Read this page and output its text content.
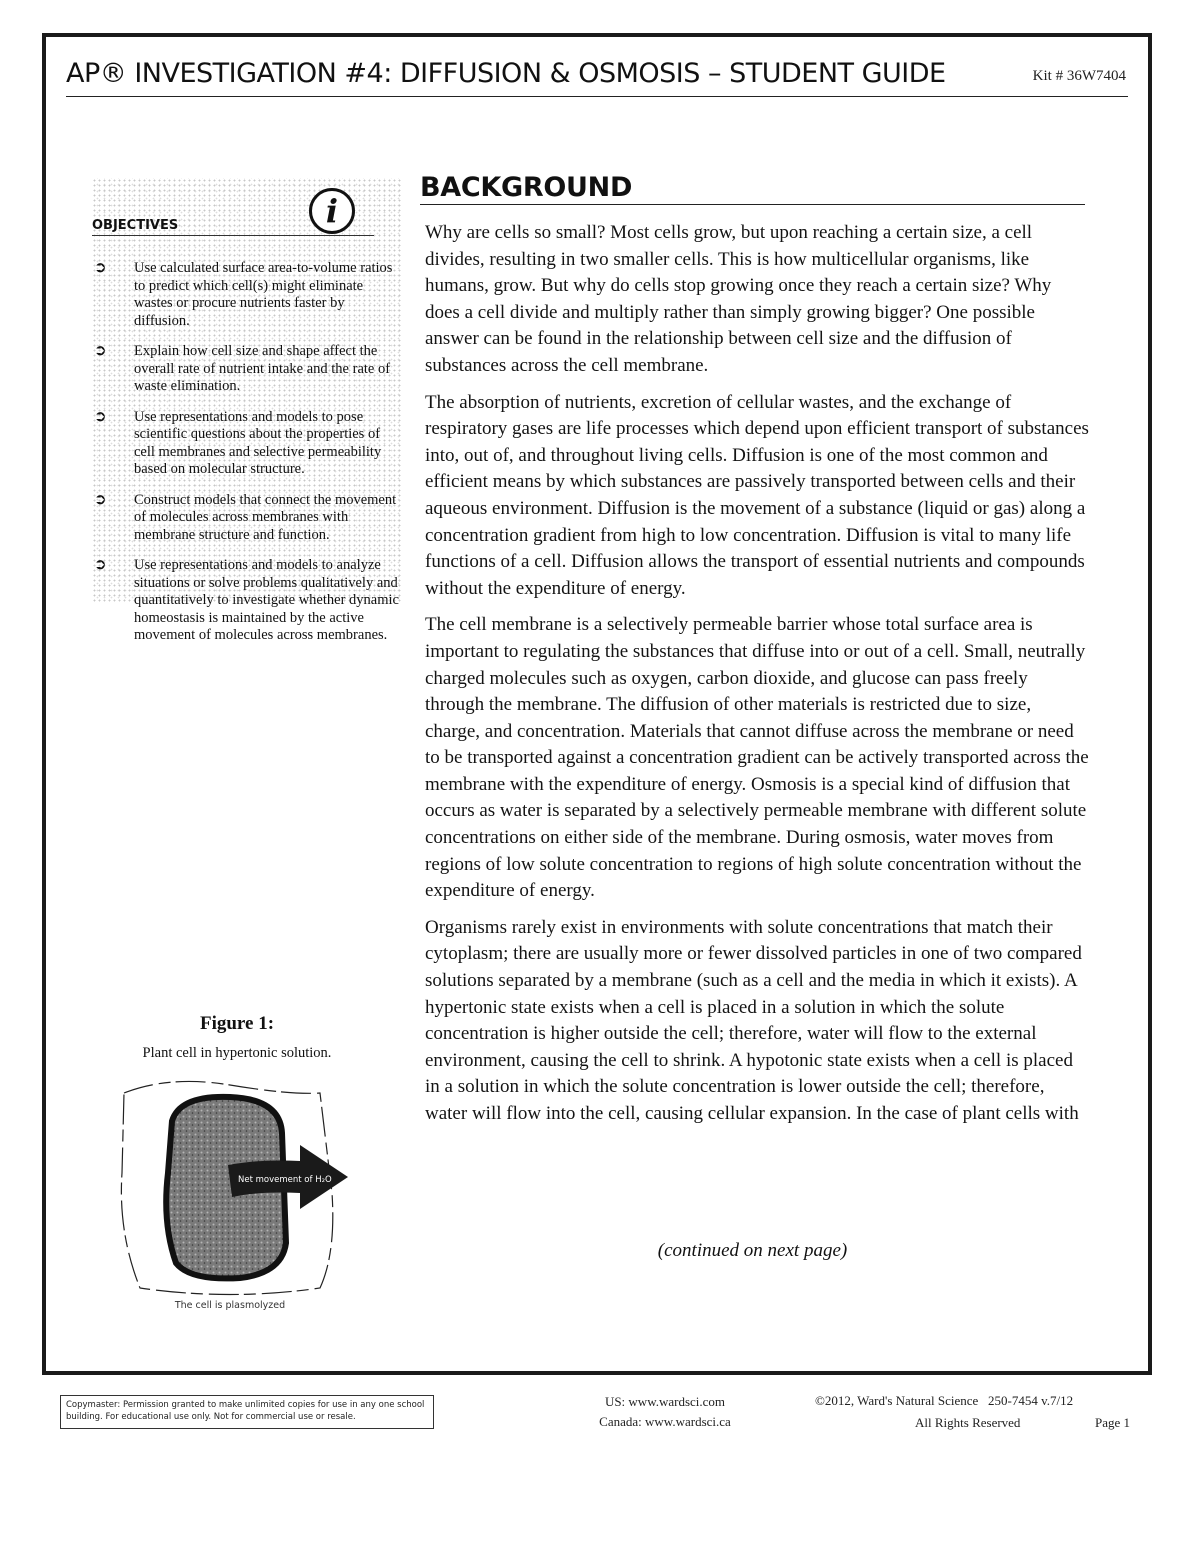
AP® INVESTIGATION #4: DIFFUSION & OSMOSIS – STUDENT GUIDE	Kit # 36W7404
i
OBJECTIVES
➲ Use calculated surface area-to-volume ratios to predict which cell(s) might eliminate wastes or procure nutrients faster by diffusion.
➲ Explain how cell size and shape affect the overall rate of nutrient intake and the rate of waste elimination.
➲ Use representations and models to pose scientific questions about the properties of cell membranes and selective permeability based on molecular structure.
➲ Construct models that connect the movement of molecules across membranes with membrane structure and function.
➲ Use representations and models to analyze situations or solve problems qualitatively and quantitatively to investigate whether dynamic homeostasis is maintained by the active movement of molecules across membranes.
Figure 1:

Plant cell in hypertonic solution.

Net movement of H₂O
The cell is plasmolyzed
BACKGROUND

Why are cells so small? Most cells grow, but upon reaching a certain size, a cell divides, resulting in two smaller cells. This is how multicellular organisms, like humans, grow. But why do cells stop growing once they reach a certain size? Why does a cell divide and multiply rather than simply growing bigger? One possible answer can be found in the relationship between cell size and the diffusion of substances across the cell membrane.

The absorption of nutrients, excretion of cellular wastes, and the exchange of respiratory gases are life processes which depend upon efficient transport of substances into, out of, and throughout living cells. Diffusion is one of the most common and efficient means by which substances are passively transported between cells and their aqueous environment. Diffusion is the movement of a substance (liquid or gas) along a concentration gradient from high to low concentration. Diffusion is vital to many life functions of a cell. Diffusion allows the transport of essential nutrients and compounds without the expenditure of energy.

The cell membrane is a selectively permeable barrier whose total surface area is important to regulating the substances that diffuse into or out of a cell. Small, neutrally charged molecules such as oxygen, carbon dioxide, and glucose can pass freely through the membrane. The diffusion of other materials is restricted due to size, charge, and concentration. Materials that cannot diffuse across the membrane or need to be transported against a concentration gradient can be actively transported across the membrane with the expenditure of energy. Osmosis is a special kind of diffusion that occurs as water is separated by a selectively permeable membrane with different solute concentrations on either side of the membrane. During osmosis, water moves from regions of low solute concentration to regions of high solute concentration without the expenditure of energy.

Organisms rarely exist in environments with solute concentrations that match their cytoplasm; there are usually more or fewer dissolved particles in one of two compared solutions separated by a membrane (such as a cell and the media in which it exists). A hypertonic state exists when a cell is placed in a solution in which the solute concentration is higher outside the cell; therefore, water will flow to the external environment, causing the cell to shrink. A hypotonic state exists when a cell is placed in a solution in which the solute concentration is lower outside the cell; therefore, water will flow into the cell, causing cellular expansion. In the case of plant cells with

(continued on next page)

Copymaster: Permission granted to make unlimited copies for use in any one school building. For educational use only. Not for commercial use or resale.
US: www.wardsci.com
Canada: www.wardsci.ca
©2012, Ward's Natural Science 250-7454 v.7/12
All Rights Reserved	Page 1
